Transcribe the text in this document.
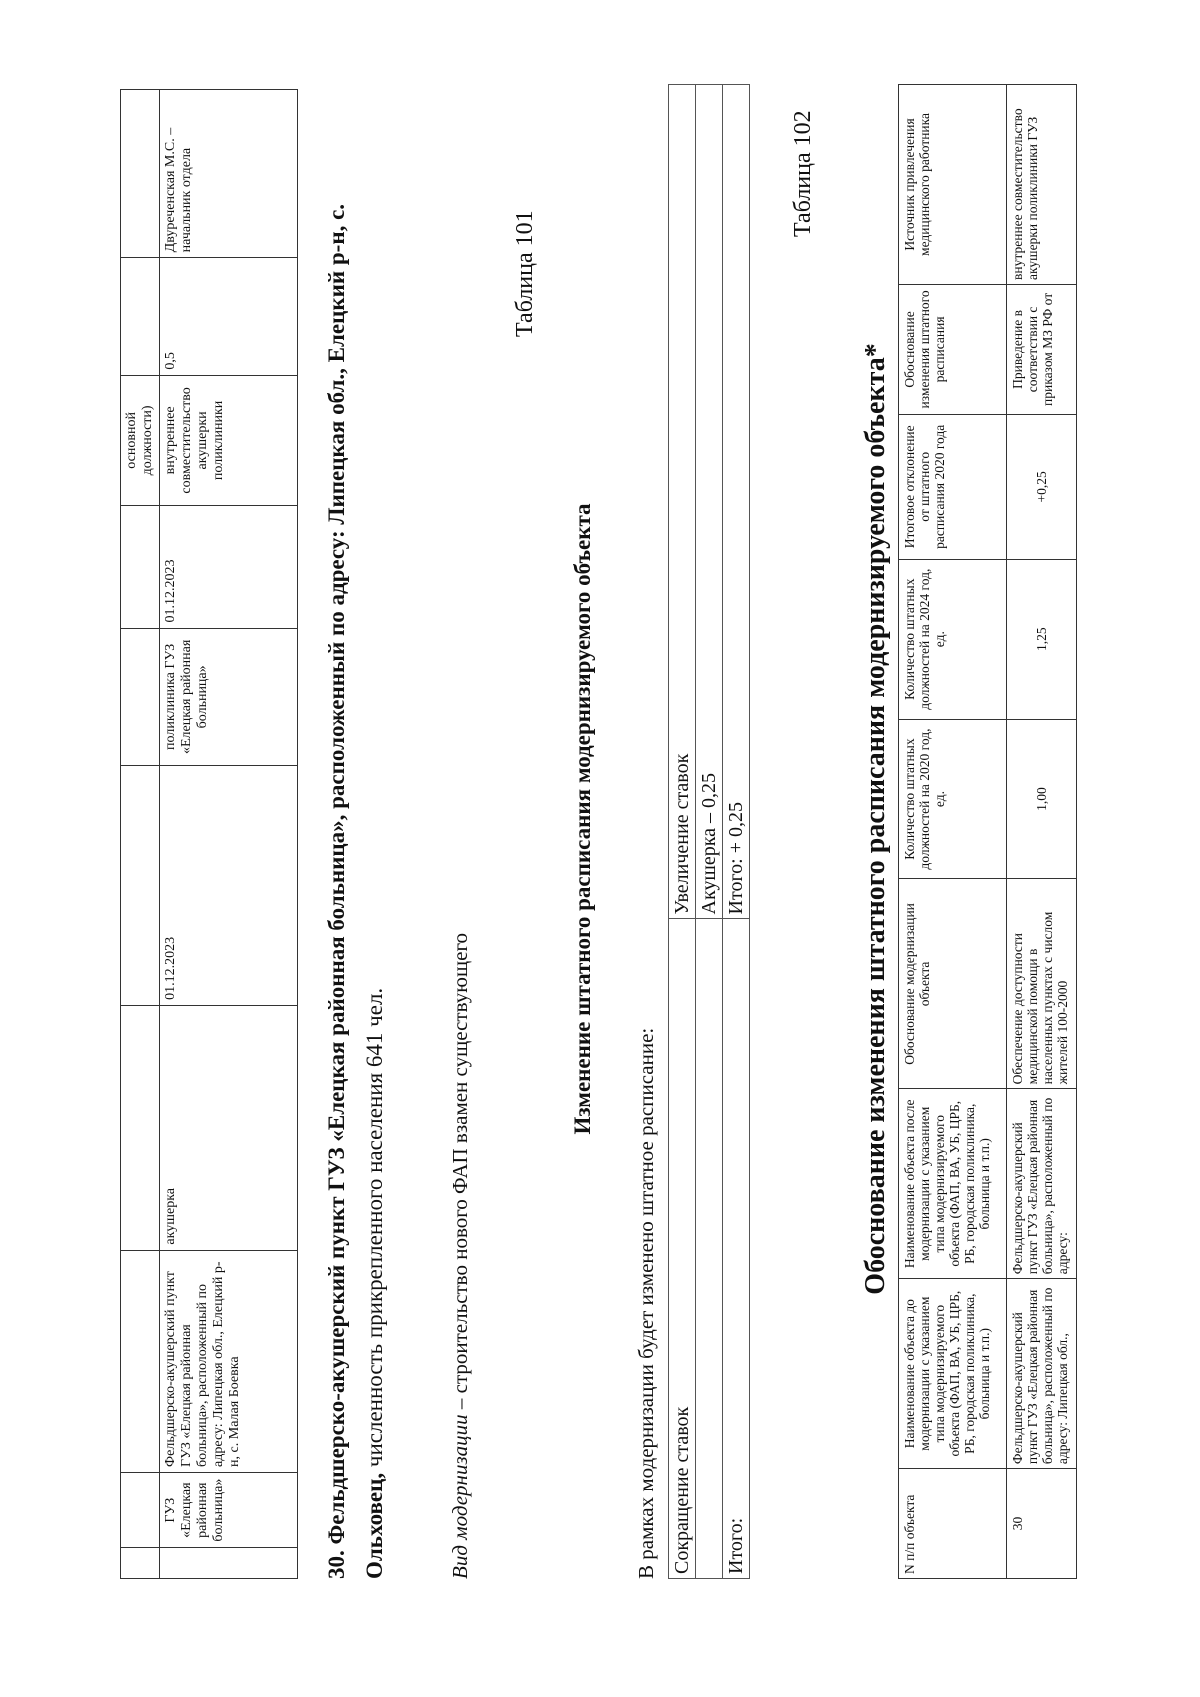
							основной должности)		
	ГУЗ «Елецкая районная больница»	Фельдшерско-акушерский пункт ГУЗ «Елецкая районная больница», расположенный по адресу: Липецкая обл., Елецкий р-н, с. Малая Боевка	акушерка	01.12.2023	поликлиника ГУЗ «Елецкая районная больница»	01.12.2023	внутреннее совместительство акушерки поликлиники	0,5	Двуреченская М.С. – начальник отдела
30. Фельдшерско-акушерский пункт ГУЗ «Елецкая районная больница», расположенный по адресу: Липецкая обл., Елецкий р-н, с. Ольховец, численность прикрепленного населения 641 чел.
Вид модернизации – строительство нового ФАП взамен существующего
Таблица 101
Изменение штатного расписания модернизируемого объекта
В рамках модернизации будет изменено штатное расписание: Сокращение ставок	Увеличение ставок
	Акушерка – 0,25
Итого:	Итого: + 0,25
Таблица 102
Обоснование изменения штатного расписания модернизируемого объекта*
N п/п объекта	Наименование объекта до модернизации с указанием типа модернизируемого объекта (ФАП, ВА, УБ, ЦРБ, РБ, городская поликлиника, больница и т.п.)	Наименование объекта после модернизации с указанием типа модернизируемого объекта (ФАП, ВА, УБ, ЦРБ, РБ, городская поликлиника, больница и т.п.)	Обоснование модернизации объекта	Количество штатных должностей на 2020 год, ед.	Количество штатных должностей на 2024 год, ед.	Итоговое отклонение от штатного расписания 2020 года	Обоснование изменения штатного расписания	Источник привлечения медицинского работника
30	Фельдшерско-акушерский пункт ГУЗ «Елецкая районная больница», расположенный по адресу: Липецкая обл.,	Фельдшерско-акушерский пункт ГУЗ «Елецкая районная больница», расположенный по адресу:	Обеспечение доступности медицинской помощи в населенных пунктах с числом жителей 100-2000	1,00	1,25	+0,25	Приведение в соответствии с приказом МЗ РФ от	внутреннее совместительство акушерки поликлиники ГУЗ
